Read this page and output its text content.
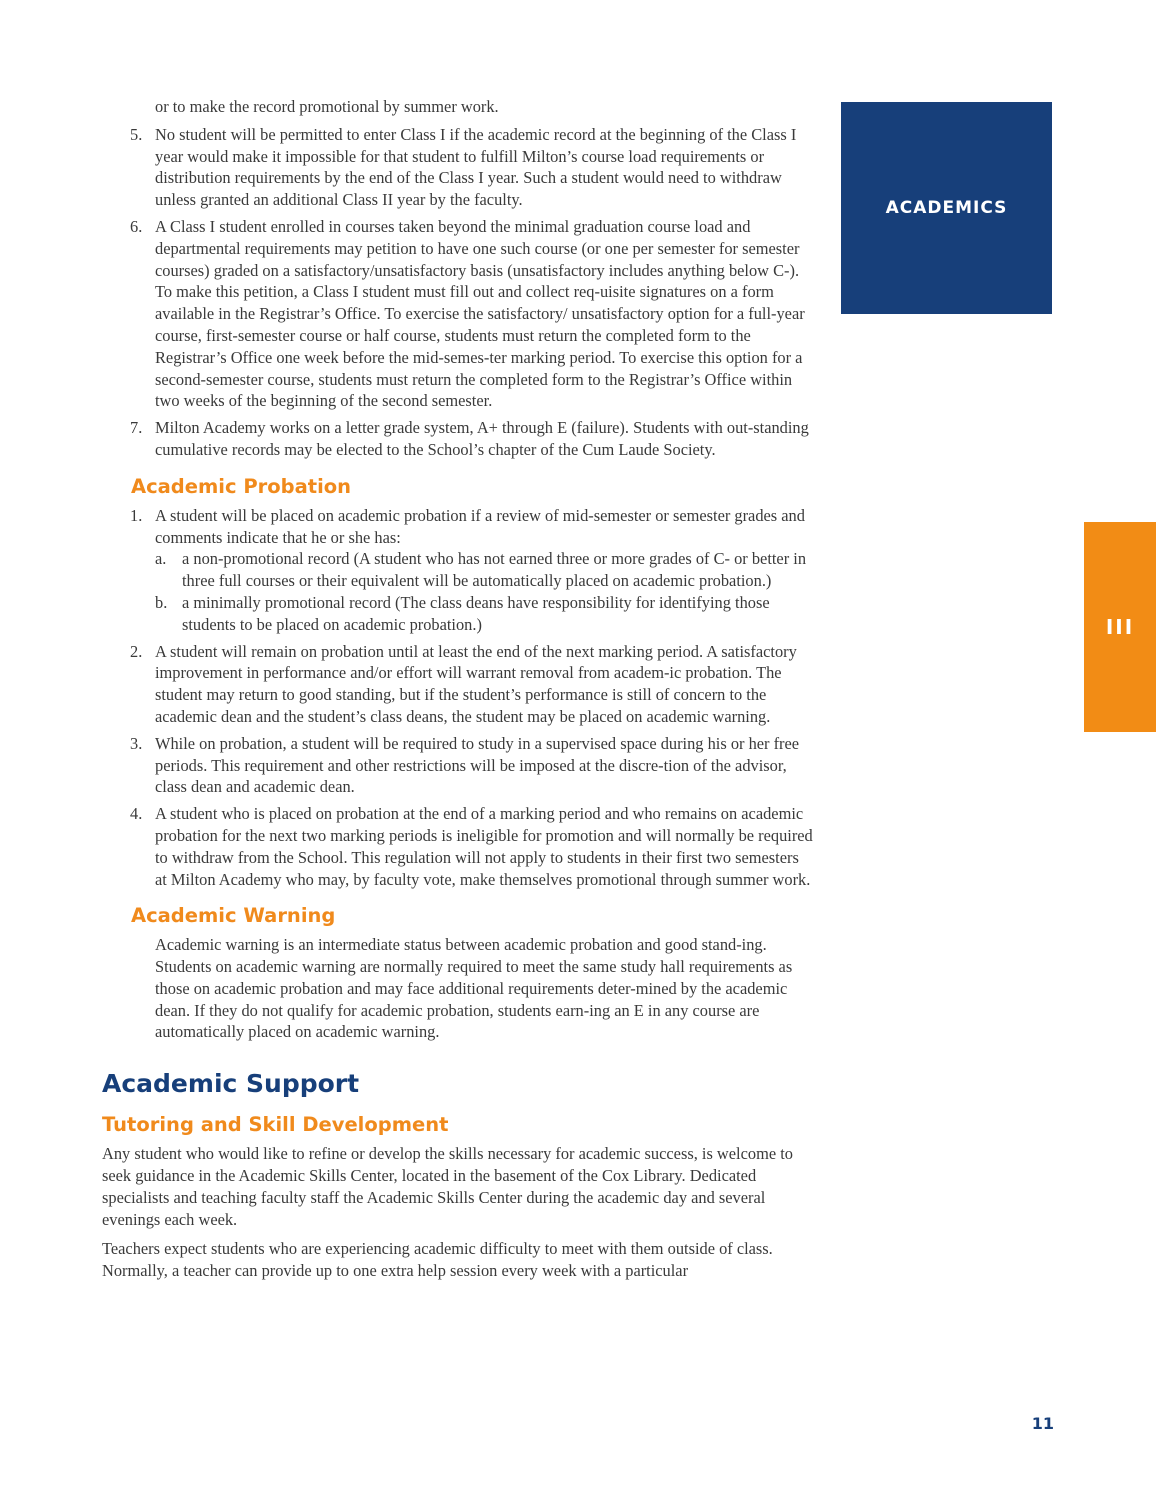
ACADEMICS
III

or to make the record promotional by summer work.

5. No student will be permitted to enter Class I if the academic record at the beginning of the Class I year would make it impossible for that student to fulfill Milton’s course load requirements or distribution requirements by the end of the Class I year. Such a student would need to withdraw unless granted an additional Class II year by the faculty.
6. A Class I student enrolled in courses taken beyond the minimal graduation course load and departmental requirements may petition to have one such course (or one per semester for semester courses) graded on a satisfactory/unsatisfactory basis (unsatisfactory includes anything below C-). To make this petition, a Class I student must fill out and collect req-uisite signatures on a form available in the Registrar’s Office. To exercise the satisfactory/ unsatisfactory option for a full-year course, first-semester course or half course, students must return the completed form to the Registrar’s Office one week before the mid-semes-ter marking period. To exercise this option for a second-semester course, students must return the completed form to the Registrar’s Office within two weeks of the beginning of the second semester.
7. Milton Academy works on a letter grade system, A+ through E (failure). Students with out-standing cumulative records may be elected to the School’s chapter of the Cum Laude Society.
Academic Probation
1. A student will be placed on academic probation if a review of mid-semester or semester grades and comments indicate that he or she has:
a. a non-promotional record (A student who has not earned three or more grades of C- or better in three full courses or their equivalent will be automatically placed on academic probation.)
b. a minimally promotional record (The class deans have responsibility for identifying those students to be placed on academic probation.)
2. A student will remain on probation until at least the end of the next marking period. A satisfactory improvement in performance and/or effort will warrant removal from academ-ic probation. The student may return to good standing, but if the student’s performance is still of concern to the academic dean and the student’s class deans, the student may be placed on academic warning.
3. While on probation, a student will be required to study in a supervised space during his or her free periods. This requirement and other restrictions will be imposed at the discre-tion of the advisor, class dean and academic dean.
4. A student who is placed on probation at the end of a marking period and who remains on academic probation for the next two marking periods is ineligible for promotion and will normally be required to withdraw from the School. This regulation will not apply to students in their first two semesters at Milton Academy who may, by faculty vote, make themselves promotional through summer work.
Academic Warning

Academic warning is an intermediate status between academic probation and good stand-ing. Students on academic warning are normally required to meet the same study hall requirements as those on academic probation and may face additional requirements deter-mined by the academic dean. If they do not qualify for academic probation, students earn-ing an E in any course are automatically placed on academic warning.

Academic Support
Tutoring and Skill Development

Any student who would like to refine or develop the skills necessary for academic success, is welcome to seek guidance in the Academic Skills Center, located in the basement of the Cox Library. Dedicated specialists and teaching faculty staff the Academic Skills Center during the academic day and several evenings each week.

Teachers expect students who are experiencing academic difficulty to meet with them outside of class. Normally, a teacher can provide up to one extra help session every week with a particular

11
